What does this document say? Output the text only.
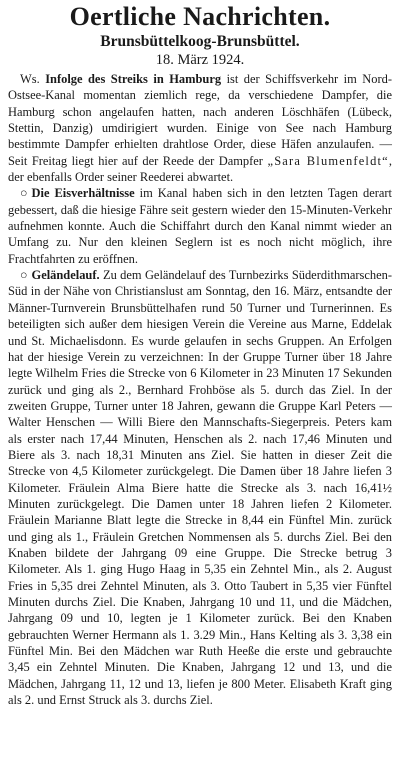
Oertliche Nachrichten.
Brunsbüttelkoog-Brunsbüttel.
18. März 1924.

Ws. Infolge des Streiks in Hamburg ist der Schiffsverkehr im Nord-Ostsee-Kanal momentan ziemlich rege, da verschiedene Dampfer, die Hamburg schon angelaufen hatten, nach anderen Löschhäfen (Lübeck, Stettin, Danzig) umdirigiert wurden. Einige von See nach Hamburg bestimmte Dampfer erhielten drahtlose Order, diese Häfen anzulaufen. — Seit Freitag liegt hier auf der Reede der Dampfer „Sara Blumenfeldt“, der ebenfalls Order seiner Reederei abwartet.

○ Die Eisverhältnisse im Kanal haben sich in den letzten Tagen derart gebessert, daß die hiesige Fähre seit gestern wieder den 15-Minuten-Verkehr aufnehmen konnte. Auch die Schiffahrt durch den Kanal nimmt wieder an Umfang zu. Nur den kleinen Seglern ist es noch nicht möglich, ihre Frachtfahrten zu eröffnen.

○ Geländelauf. Zu dem Geländelauf des Turnbezirks Süderdithmarschen-Süd in der Nähe von Christianslust am Sonntag, den 16. März, entsandte der Männer-Turnverein Brunsbüttelhafen rund 50 Turner und Turnerinnen. Es beteiligten sich außer dem hiesigen Verein die Vereine aus Marne, Eddelak und St. Michaelisdonn. Es wurde gelaufen in sechs Gruppen. An Erfolgen hat der hiesige Verein zu verzeichnen: In der Gruppe Turner über 18 Jahre legte Wilhelm Fries die Strecke von 6 Kilometer in 23 Minuten 17 Sekunden zurück und ging als 2., Bernhard Frohböse als 5. durch das Ziel. In der zweiten Gruppe, Turner unter 18 Jahren, gewann die Gruppe Karl Peters — Walter Henschen — Willi Biere den Mannschafts-Siegerpreis. Peters kam als erster nach 17,44 Minuten, Henschen als 2. nach 17,46 Minuten und Biere als 3. nach 18,31 Minuten ans Ziel. Sie hatten in dieser Zeit die Strecke von 4,5 Kilometer zurückgelegt. Die Damen über 18 Jahre liefen 3 Kilometer. Fräulein Alma Biere hatte die Strecke als 3. nach 16,41½ Minuten zurückgelegt. Die Damen unter 18 Jahren liefen 2 Kilometer. Fräulein Marianne Blatt legte die Strecke in 8,44 ein Fünftel Min. zurück und ging als 1., Fräulein Gretchen Nommensen als 5. durchs Ziel. Bei den Knaben bildete der Jahrgang 09 eine Gruppe. Die Strecke betrug 3 Kilometer. Als 1. ging Hugo Haag in 5,35 ein Zehntel Min., als 2. August Fries in 5,35 drei Zehntel Minuten, als 3. Otto Taubert in 5,35 vier Fünftel Minuten durchs Ziel. Die Knaben, Jahrgang 10 und 11, und die Mädchen, Jahrgang 09 und 10, legten je 1 Kilometer zurück. Bei den Knaben gebrauchten Werner Hermann als 1. 3.29 Min., Hans Kelting als 3. 3,38 ein Fünftel Min. Bei den Mädchen war Ruth Heeße die erste und gebrauchte 3,45 ein Zehntel Minuten. Die Knaben, Jahrgang 12 und 13, und die Mädchen, Jahrgang 11, 12 und 13, liefen je 800 Meter. Elisabeth Kraft ging als 2. und Ernst Struck als 3. durchs Ziel.
